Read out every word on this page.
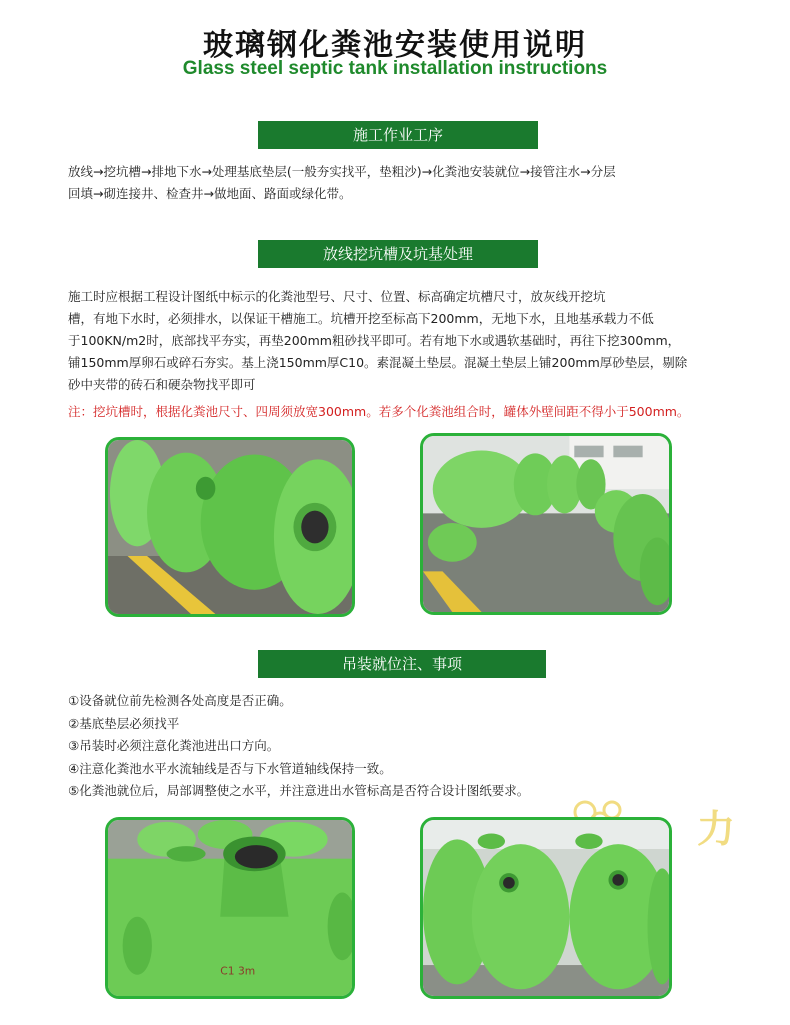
玻璃钢化粪池安装使用说明
Glass steel septic tank installation instructions
施工作业工序
放线→挖坑槽→排地下水→处理基底垫层(一般夯实找平，垫粗沙)→化粪池安装就位→接管注水→分层
回填→砌连接井、检查井→做地面、路面或绿化带。
放线挖坑槽及坑基处理
施工时应根据工程设计图纸中标示的化粪池型号、尺寸、位置、标高确定坑槽尺寸，放灰线开挖坑
槽，有地下水时，必须排水，以保证干槽施工。坑槽开挖至标高下200mm，无地下水，且地基承载力不低
于100KN/m2时，底部找平夯实，再垫200mm粗砂找平即可。若有地下水或遇软基础时，再往下挖300mm，
铺150mm厚卵石或碎石夯实。基上浇150mm厚C10。素混凝土垫层。混凝土垫层上铺200mm厚砂垫层，剔除
砂中夹带的砖石和硬杂物找平即可
注：挖坑槽时，根据化粪池尺寸、四周须放宽300mm。若多个化粪池组合时，罐体外壁间距不得小于500mm。
吊装就位注、事项
①设备就位前先检测各处高度是否正确。
②基底垫层必须找平
③吊装时必须注意化粪池进出口方向。
④注意化粪池水平水流轴线是否与下水管道轴线保持一致。
⑤化粪池就位后，局部调整使之水平，并注意进出水管标高是否符合设计图纸要求。
力
C1 3m
